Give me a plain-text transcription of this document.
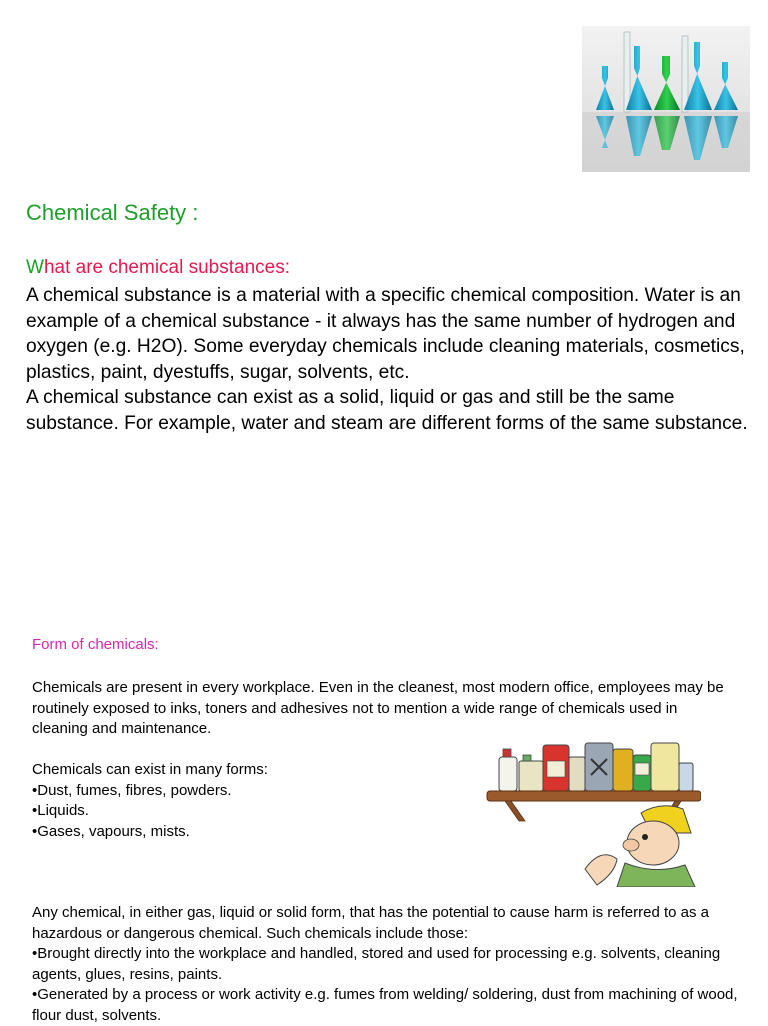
Chemical Safety :
What are chemical substances:

A chemical substance is a material with a specific chemical composition. Water is an example of a chemical substance - it always has the same number of hydrogen and oxygen (e.g. H2O). Some everyday chemicals include cleaning materials, cosmetics, plastics, paint, dyestuffs, sugar, solvents, etc.

A chemical substance can exist as a solid, liquid or gas and still be the same substance. For example, water and steam are different forms of the same substance.

Form of chemicals:
Chemicals are present in every workplace. Even in the cleanest, most modern office, employees may be routinely exposed to inks, toners and adhesives not to mention a wide range of chemicals used in cleaning and maintenance.

Chemicals can exist in many forms:

•Dust, fumes, fibres, powders.

•Liquids.

•Gases, vapours, mists.

Any chemical, in either gas, liquid or solid form, that has the potential to cause harm is referred to as a hazardous or dangerous chemical. Such chemicals include those:

•Brought directly into the workplace and handled, stored and used for processing e.g. solvents, cleaning agents, glues, resins, paints.

•Generated by a process or work activity e.g. fumes from welding/ soldering, dust from machining of wood, flour dust, solvents.
